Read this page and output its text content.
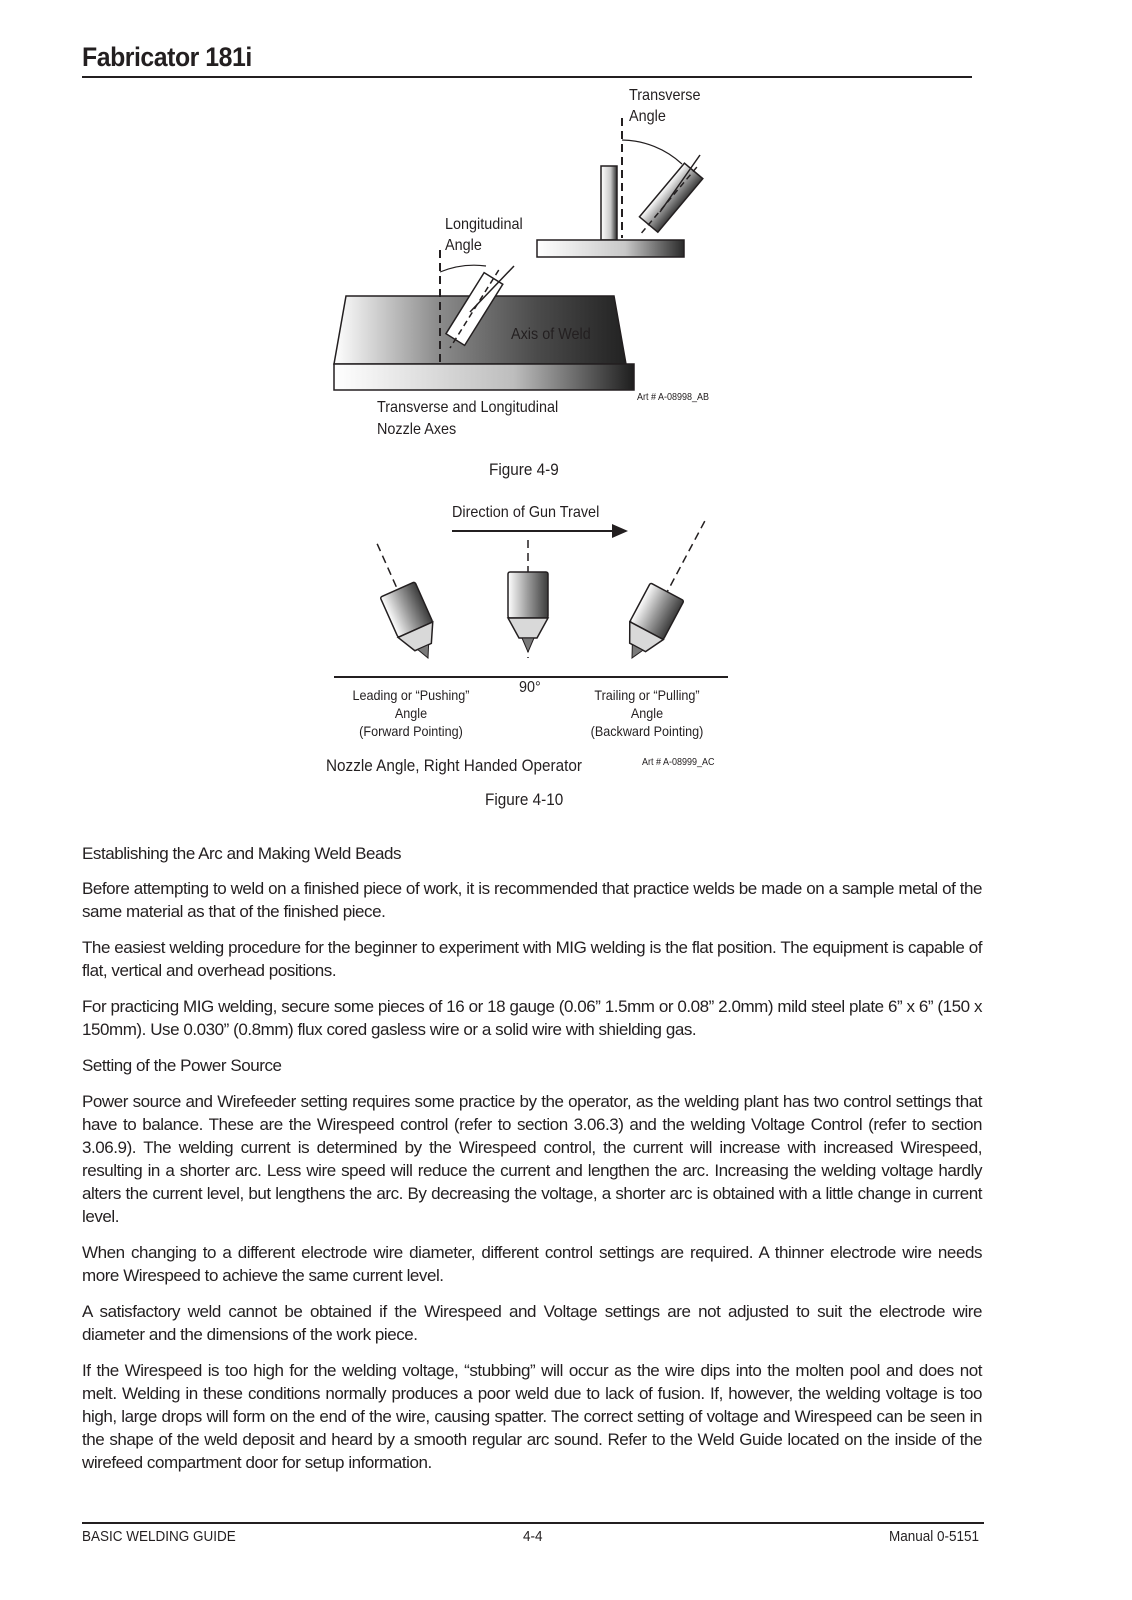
Fabricator 181i
Transverse
Angle
Longitudinal
Angle
Axis of Weld
Transverse and Longitudinal
Nozzle Axes
Art # A-08998_AB
Figure 4-9
Direction of Gun Travel
90°
Leading or “Pushing”
Angle
(Forward Pointing)
Trailing or “Pulling”
Angle
(Backward Pointing)
Nozzle Angle, Right Handed Operator	Art # A-08999_AC
Figure 4-10
Establishing the Arc and Making Weld Beads
Before attempting to weld on a finished piece of work, it is recommended that practice welds be made on a sample metal of the same material as that of the finished piece.
The easiest welding procedure for the beginner to experiment with MIG welding is the flat position. The equipment is capable of flat, vertical and overhead positions.
For practicing MIG welding, secure some pieces of 16 or 18 gauge (0.06” 1.5mm or 0.08” 2.0mm) mild steel plate 6” x 6” (150 x 150mm). Use 0.030” (0.8mm) flux cored gasless wire or a solid wire with shielding gas.
Setting of the Power Source
Power source and Wirefeeder setting requires some practice by the operator, as the welding plant has two control settings that have to balance. These are the Wirespeed control (refer to section 3.06.3) and the welding Voltage Control (refer to section 3.06.9). The welding current is determined by the Wirespeed control, the current will increase with increased Wirespeed, resulting in a shorter arc. Less wire speed will reduce the current and lengthen the arc. Increasing the welding voltage hardly alters the current level, but lengthens the arc. By decreasing the voltage, a shorter arc is obtained with a little change in current level.
When changing to a different electrode wire diameter, different control settings are required. A thinner electrode wire needs more Wirespeed to achieve the same current level.
A satisfactory weld cannot be obtained if the Wirespeed and Voltage settings are not adjusted to suit the electrode wire diameter and the dimensions of the work piece.
If the Wirespeed is too high for the welding voltage, “stubbing” will occur as the wire dips into the molten pool and does not melt. Welding in these conditions normally produces a poor weld due to lack of fusion. If, however, the welding voltage is too high, large drops will form on the end of the wire, causing spatter. The correct setting of voltage and Wirespeed can be seen in the shape of the weld deposit and heard by a smooth regular arc sound. Refer to the Weld Guide located on the inside of the wirefeed compartment door for setup information.
BASIC WELDING GUIDE	4-4	Manual 0-5151
